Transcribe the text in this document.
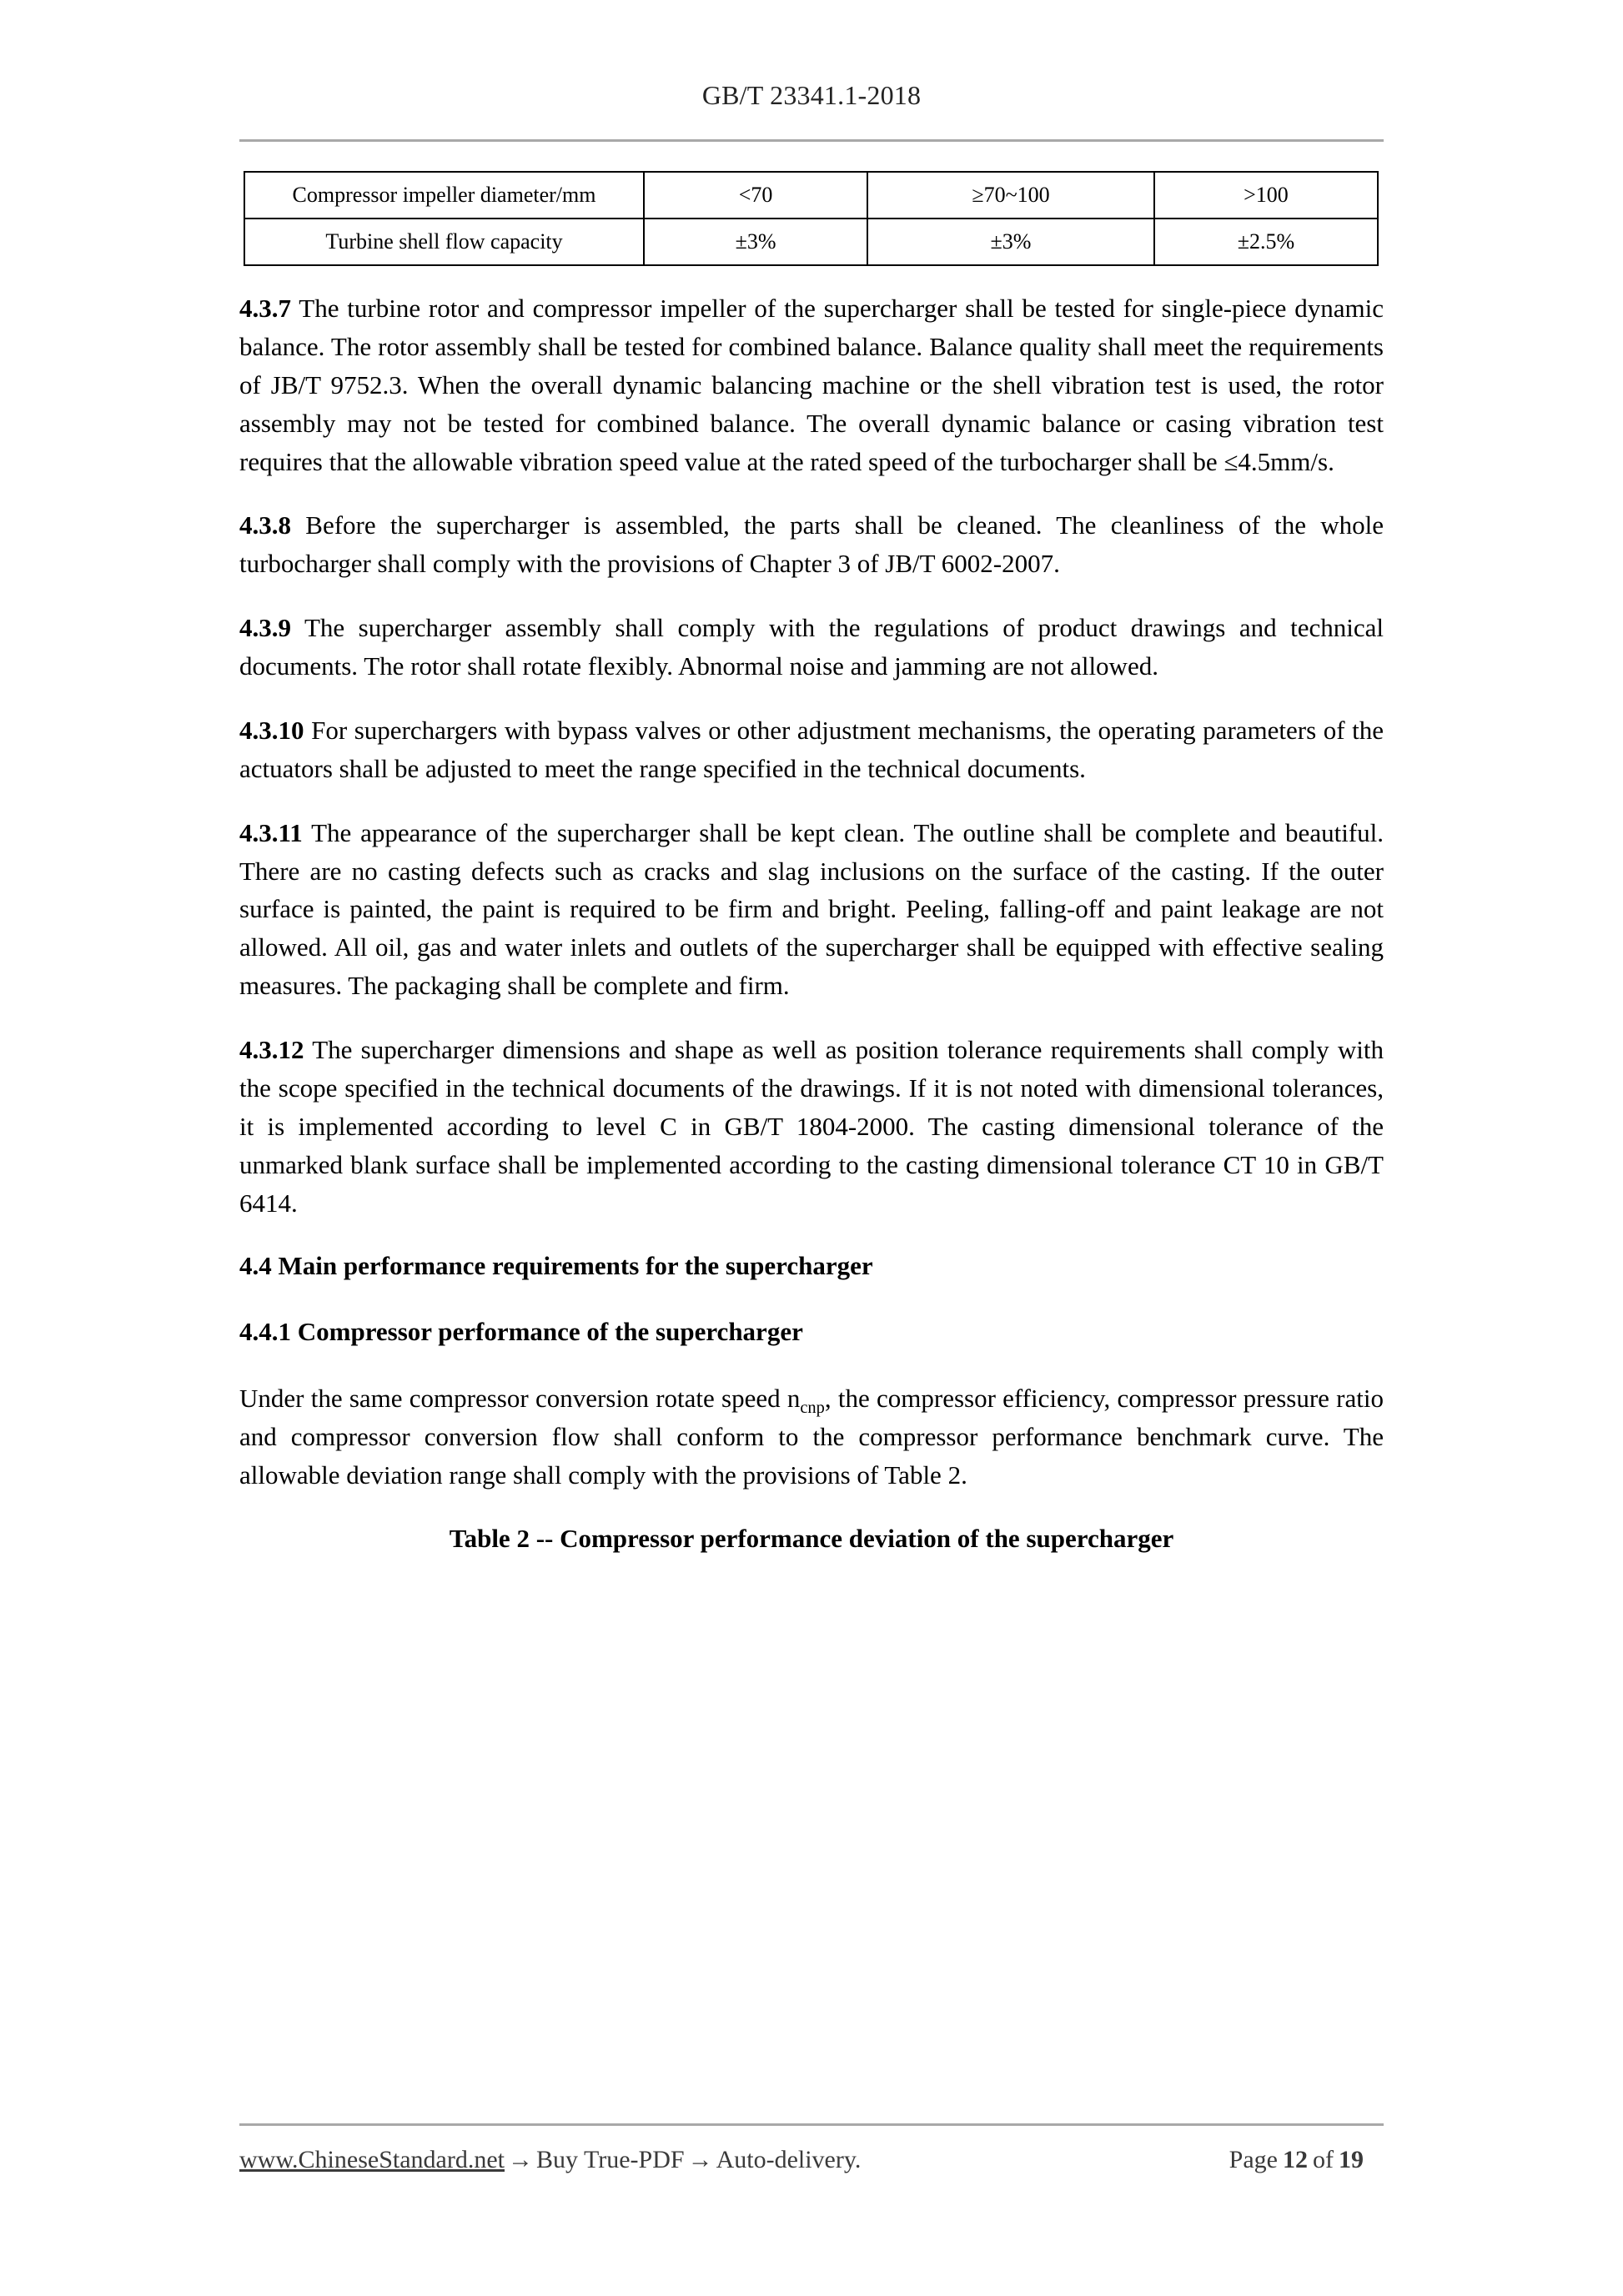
GB/T 23341.1-2018
Compressor impeller diameter/mm	<70	≥70~100	>100
Turbine shell flow capacity	±3%	±3%	±2.5%

4.3.7 The turbine rotor and compressor impeller of the supercharger shall be tested for single-piece dynamic balance. The rotor assembly shall be tested for combined balance. Balance quality shall meet the requirements of JB/T 9752.3. When the overall dynamic balancing machine or the shell vibration test is used, the rotor assembly may not be tested for combined balance. The overall dynamic balance or casing vibration test requires that the allowable vibration speed value at the rated speed of the turbocharger shall be ≤4.5mm/s.

4.3.8 Before the supercharger is assembled, the parts shall be cleaned. The cleanliness of the whole turbocharger shall comply with the provisions of Chapter 3 of JB/T 6002-2007.

4.3.9 The supercharger assembly shall comply with the regulations of product drawings and technical documents. The rotor shall rotate flexibly. Abnormal noise and jamming are not allowed.

4.3.10 For superchargers with bypass valves or other adjustment mechanisms, the operating parameters of the actuators shall be adjusted to meet the range specified in the technical documents.

4.3.11 The appearance of the supercharger shall be kept clean. The outline shall be complete and beautiful. There are no casting defects such as cracks and slag inclusions on the surface of the casting. If the outer surface is painted, the paint is required to be firm and bright. Peeling, falling-off and paint leakage are not allowed. All oil, gas and water inlets and outlets of the supercharger shall be equipped with effective sealing measures. The packaging shall be complete and firm.

4.3.12 The supercharger dimensions and shape as well as position tolerance requirements shall comply with the scope specified in the technical documents of the drawings. If it is not noted with dimensional tolerances, it is implemented according to level C in GB/T 1804-2000. The casting dimensional tolerance of the unmarked blank surface shall be implemented according to the casting dimensional tolerance CT 10 in GB/T 6414.

4.4 Main performance requirements for the supercharger
4.4.1 Compressor performance of the supercharger

Under the same compressor conversion rotate speed $n_{cnp}$, the compressor efficiency, compressor pressure ratio and compressor conversion flow shall conform to the compressor performance benchmark curve. The allowable deviation range shall comply with the provisions of Table 2.

Table 2 -- Compressor performance deviation of the supercharger

www.ChineseStandard.net → Buy True-PDF → Auto-delivery.	Page 12 of 19
